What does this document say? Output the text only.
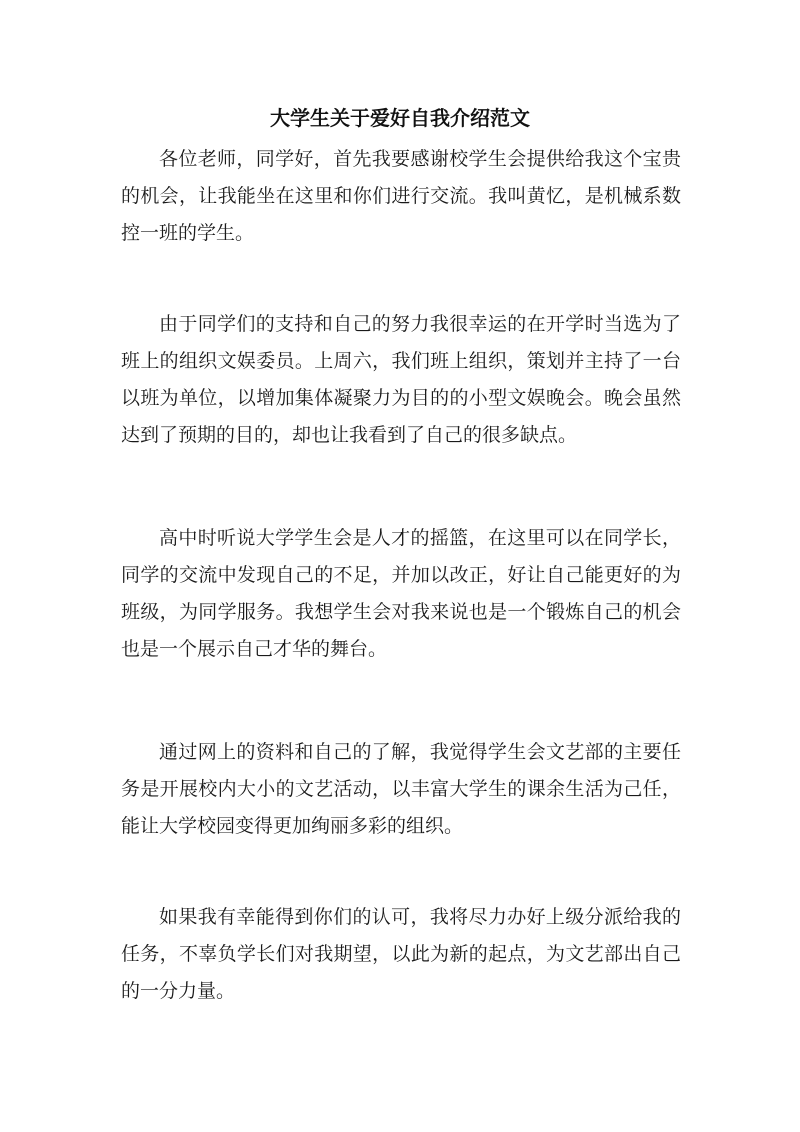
大学生关于爱好自我介绍范文

各位老师，同学好，首先我要感谢校学生会提供给我这个宝贵的机会，让我能坐在这里和你们进行交流。我叫黄忆，是机械系数控一班的学生。

由于同学们的支持和自己的努力我很幸运的在开学时当选为了班上的组织文娱委员。上周六，我们班上组织，策划并主持了一台以班为单位，以增加集体凝聚力为目的的小型文娱晚会。晚会虽然达到了预期的目的，却也让我看到了自己的很多缺点。

高中时听说大学学生会是人才的摇篮，在这里可以在同学长，同学的交流中发现自己的不足，并加以改正，好让自己能更好的为班级，为同学服务。我想学生会对我来说也是一个锻炼自己的机会也是一个展示自己才华的舞台。

通过网上的资料和自己的了解，我觉得学生会文艺部的主要任务是开展校内大小的文艺活动，以丰富大学生的课余生活为己任，能让大学校园变得更加绚丽多彩的组织。

如果我有幸能得到你们的认可，我将尽力办好上级分派给我的任务，不辜负学长们对我期望，以此为新的起点，为文艺部出自己的一分力量。
